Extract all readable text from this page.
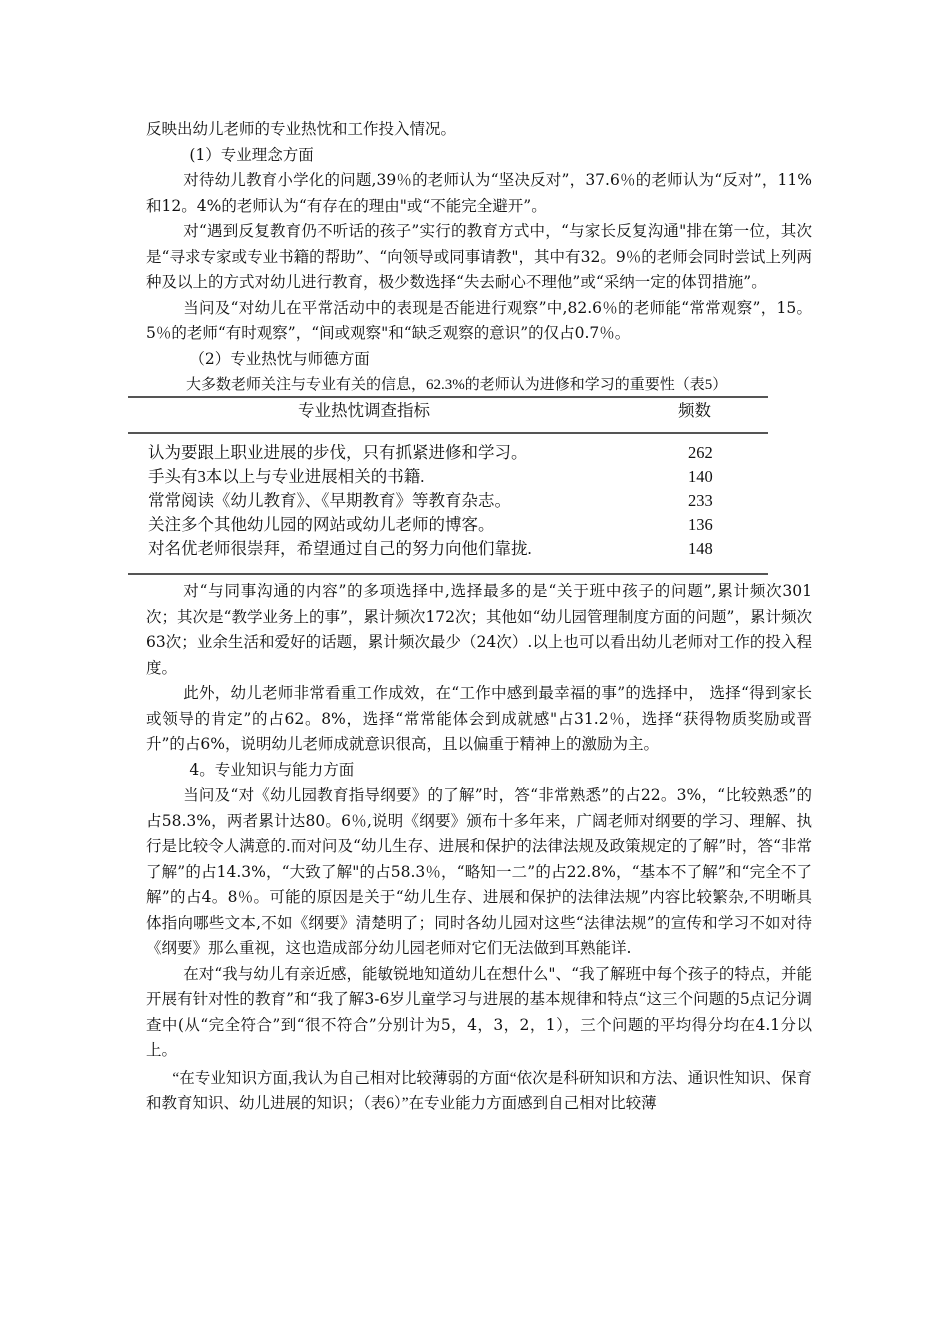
反映出幼儿老师的专业热忱和工作投入情况。

(1）专业理念方面

对待幼儿教育小学化的问题,39％的老师认为“坚决反对”，37.6％的老师认为“反对”，11%和12。4%的老师认为“有存在的理由"或“不能完全避开”。

对“遇到反复教育仍不听话的孩子”实行的教育方式中，“与家长反复沟通"排在第一位，其次是“寻求专家或专业书籍的帮助”、“向领导或同事请教"，其中有32。9％的老师会同时尝试上列两种及以上的方式对幼儿进行教育，极少数选择“失去耐心不理他”或“采纳一定的体罚措施”。

当问及“对幼儿在平常活动中的表现是否能进行观察”中,82.6％的老师能“常常观察”，15。5％的老师“有时观察”，“间或观察"和“缺乏观察的意识”的仅占0.7％。

（2）专业热忱与师德方面

大多数老师关注与专业有关的信息，62.3%的老师认为进修和学习的重要性（表5）
专业热忱调查指标	频数
认为要跟上职业进展的步伐，只有抓紧进修和学习。	262
手头有3本以上与专业进展相关的书籍.	140
常常阅读《幼儿教育》、《早期教育》等教育杂志。	233
关注多个其他幼儿园的网站或幼儿老师的博客。	136
对名优老师很崇拜，希望通过自己的努力向他们靠拢.	148

对“与同事沟通的内容”的多项选择中,选择最多的是“关于班中孩子的问题”,累计频次301次；其次是“教学业务上的事”，累计频次172次；其他如“幼儿园管理制度方面的问题”，累计频次63次；业余生活和爱好的话题，累计频次最少（24次）.以上也可以看出幼儿老师对工作的投入程度。

此外，幼儿老师非常看重工作成效，在“工作中感到最幸福的事”的选择中， 选择“得到家长或领导的肯定”的占62。8%，选择“常常能体会到成就感"占31.2％，选择“获得物质奖励或晋升”的占6%，说明幼儿老师成就意识很高，且以偏重于精神上的激励为主。

4。专业知识与能力方面

当问及“对《幼儿园教育指导纲要》的了解”时，答“非常熟悉”的占22。3%，“比较熟悉”的占58.3%，两者累计达80。6％,说明《纲要》颁布十多年来，广阔老师对纲要的学习、理解、执行是比较令人满意的.而对问及“幼儿生存、进展和保护的法律法规及政策规定的了解”时，答“非常了解”的占14.3%，“大致了解"的占58.3％，“略知一二”的占22.8%，“基本不了解”和“完全不了解”的占4。8％。可能的原因是关于“幼儿生存、进展和保护的法律法规”内容比较繁杂,不明晰具体指向哪些文本,不如《纲要》清楚明了；同时各幼儿园对这些“法律法规”的宣传和学习不如对待《纲要》那么重视，这也造成部分幼儿园老师对它们无法做到耳熟能详.

在对“我与幼儿有亲近感，能敏锐地知道幼儿在想什么"、“我了解班中每个孩子的特点，并能开展有针对性的教育”和“我了解3-6岁儿童学习与进展的基本规律和特点“这三个问题的5点记分调查中(从“完全符合”到“很不符合”分别计为5，4，3，2，1），三个问题的平均得分均在4.1分以上。

“在专业知识方面,我认为自己相对比较薄弱的方面“依次是科研知识和方法、通识性知识、保育和教育知识、幼儿进展的知识；（表6）”在专业能力方面感到自己相对比较薄
